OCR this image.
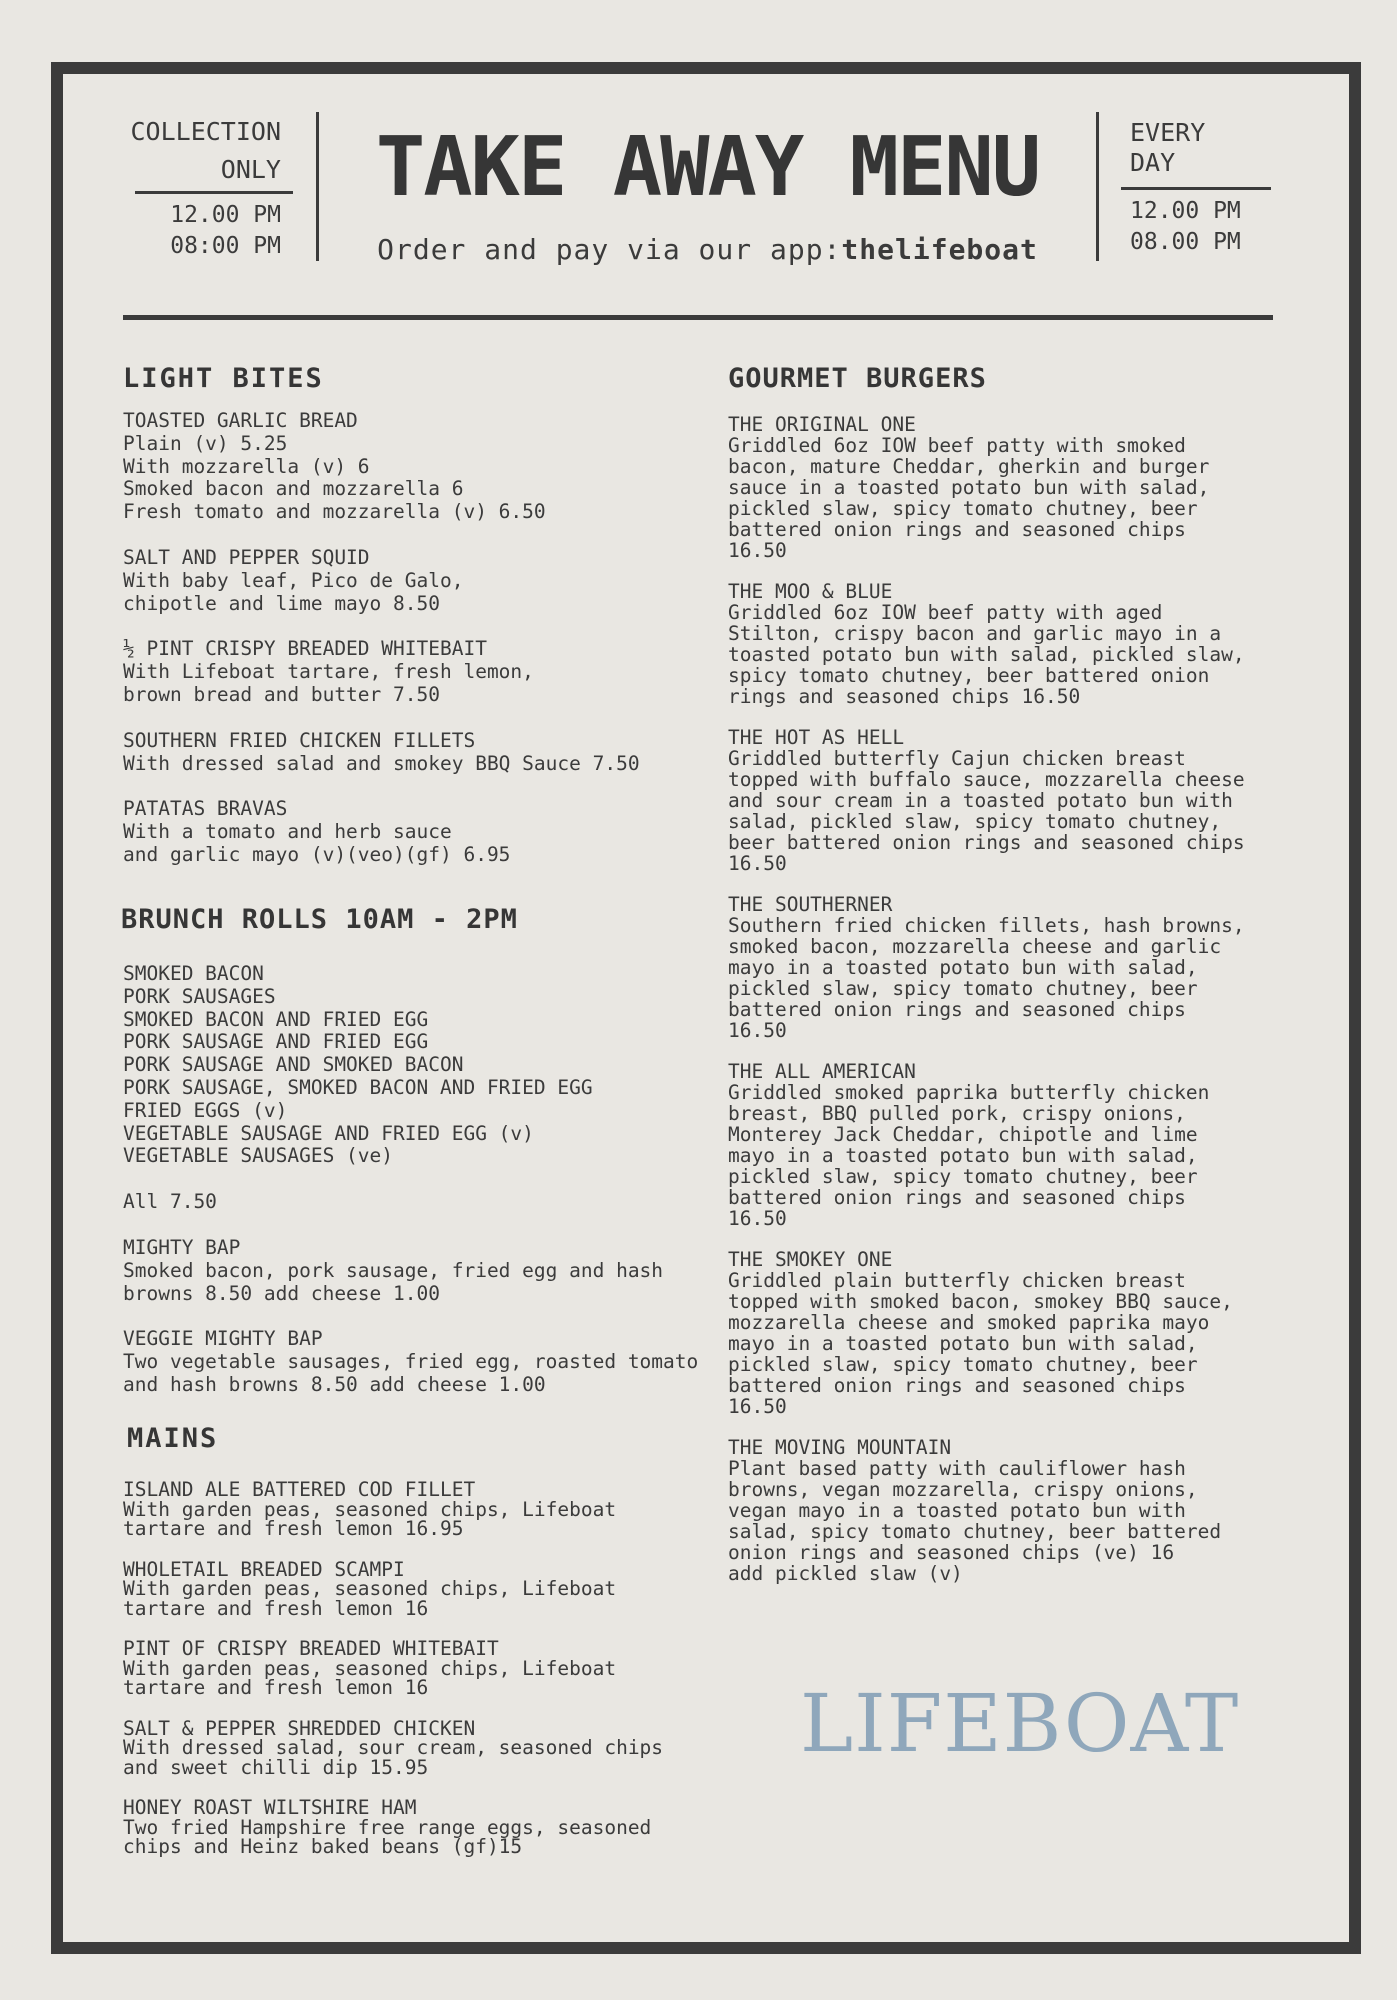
COLLECTION
ONLY
12.00 PM
08:00 PM
TAKE AWAY MENU
Order and pay via our app:thelifeboat
EVERY
DAY
12.00 PM
08.00 PM
LIGHT BITES
TOASTED GARLIC BREAD
Plain (v) 5.25
With mozzarella (v) 6
Smoked bacon and mozzarella 6
Fresh tomato and mozzarella (v) 6.50
SALT AND PEPPER SQUID
With baby leaf, Pico de Galo,
chipotle and lime mayo 8.50
½ PINT CRISPY BREADED WHITEBAIT
With Lifeboat tartare, fresh lemon,
brown bread and butter 7.50
SOUTHERN FRIED CHICKEN FILLETS
With dressed salad and smokey BBQ Sauce 7.50
PATATAS BRAVAS
With a tomato and herb sauce
and garlic mayo (v)(veo)(gf) 6.95
BRUNCH ROLLS 10AM - 2PM
SMOKED BACON
PORK SAUSAGES
SMOKED BACON AND FRIED EGG
PORK SAUSAGE AND FRIED EGG
PORK SAUSAGE AND SMOKED BACON
PORK SAUSAGE, SMOKED BACON AND FRIED EGG
FRIED EGGS (v)
VEGETABLE SAUSAGE AND FRIED EGG (v)
VEGETABLE SAUSAGES (ve)
All 7.50
MIGHTY BAP
Smoked bacon, pork sausage, fried egg and hash
browns 8.50 add cheese 1.00
VEGGIE MIGHTY BAP
Two vegetable sausages, fried egg, roasted tomato
and hash browns 8.50 add cheese 1.00
MAINS
ISLAND ALE BATTERED COD FILLET
With garden peas, seasoned chips, Lifeboat
tartare and fresh lemon 16.95
WHOLETAIL BREADED SCAMPI
With garden peas, seasoned chips, Lifeboat
tartare and fresh lemon 16
PINT OF CRISPY BREADED WHITEBAIT
With garden peas, seasoned chips, Lifeboat
tartare and fresh lemon 16
SALT & PEPPER SHREDDED CHICKEN
With dressed salad, sour cream, seasoned chips
and sweet chilli dip 15.95
HONEY ROAST WILTSHIRE HAM
Two fried Hampshire free range eggs, seasoned
chips and Heinz baked beans (gf)15
GOURMET BURGERS
THE ORIGINAL ONE
Griddled 6oz IOW beef patty with smoked
bacon, mature Cheddar, gherkin and burger
sauce in a toasted potato bun with salad,
pickled slaw, spicy tomato chutney, beer
battered onion rings and seasoned chips
16.50
THE MOO & BLUE
Griddled 6oz IOW beef patty with aged
Stilton, crispy bacon and garlic mayo in a
toasted potato bun with salad, pickled slaw,
spicy tomato chutney, beer battered onion
rings and seasoned chips 16.50
THE HOT AS HELL
Griddled butterfly Cajun chicken breast
topped with buffalo sauce, mozzarella cheese
and sour cream in a toasted potato bun with
salad, pickled slaw, spicy tomato chutney,
beer battered onion rings and seasoned chips
16.50
THE SOUTHERNER
Southern fried chicken fillets, hash browns,
smoked bacon, mozzarella cheese and garlic
mayo in a toasted potato bun with salad,
pickled slaw, spicy tomato chutney, beer
battered onion rings and seasoned chips
16.50
THE ALL AMERICAN
Griddled smoked paprika butterfly chicken
breast, BBQ pulled pork, crispy onions,
Monterey Jack Cheddar, chipotle and lime
mayo in a toasted potato bun with salad,
pickled slaw, spicy tomato chutney, beer
battered onion rings and seasoned chips
16.50
THE SMOKEY ONE
Griddled plain butterfly chicken breast
topped with smoked bacon, smokey BBQ sauce,
mozzarella cheese and smoked paprika mayo
mayo in a toasted potato bun with salad,
pickled slaw, spicy tomato chutney, beer
battered onion rings and seasoned chips
16.50
THE MOVING MOUNTAIN
Plant based patty with cauliflower hash
browns, vegan mozzarella, crispy onions,
vegan mayo in a toasted potato bun with
salad, spicy tomato chutney, beer battered
onion rings and seasoned chips (ve) 16
add pickled slaw (v)
LIFEBOAT
